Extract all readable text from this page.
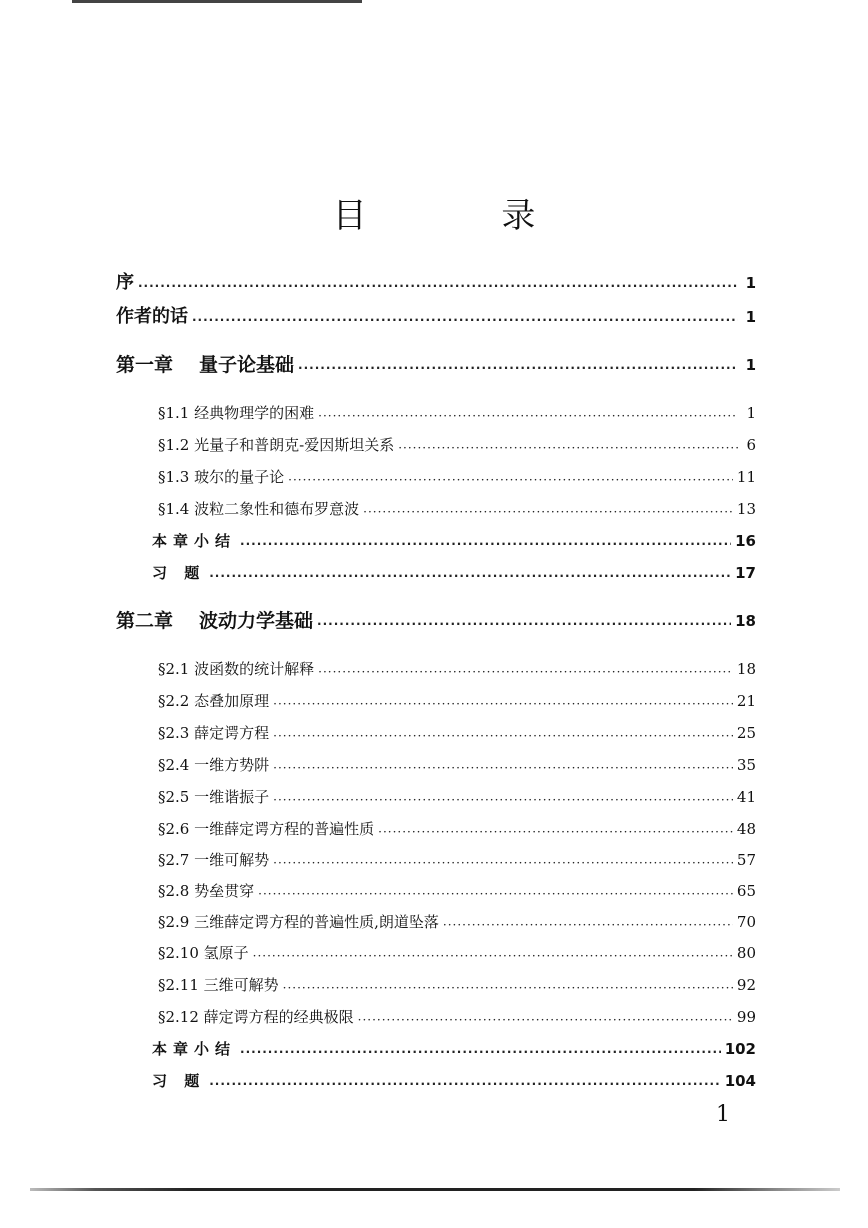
目 录
序 ·····	1
作者的话 ·····	1
第一章 量子论基础 ·····	1
§1.1 经典物理学的困难 ·····	1
§1.2 光量子和普朗克-爱因斯坦关系 ·····	6
§1.3 玻尔的量子论 ·····	11
§1.4 波粒二象性和德布罗意波 ·····	13
本章小结 ·····	16
习 题 ·····	17
第二章 波动力学基础 ·····	18
§2.1 波函数的统计解释 ·····	18
§2.2 态叠加原理 ·····	21
§2.3 薛定谔方程 ·····	25
§2.4 一维方势阱 ·····	35
§2.5 一维谐振子 ·····	41
§2.6 一维薛定谔方程的普遍性质 ·····	48
§2.7 一维可解势 ·····	57
§2.8 势垒贯穿 ·····	65
§2.9 三维薛定谔方程的普遍性质,朗道坠落 ·····	70
§2.10 氢原子 ·····	80
§2.11 三维可解势 ·····	92
§2.12 薛定谔方程的经典极限 ·····	99
本章小结 ·····	102
习 题 ·····	104
1
